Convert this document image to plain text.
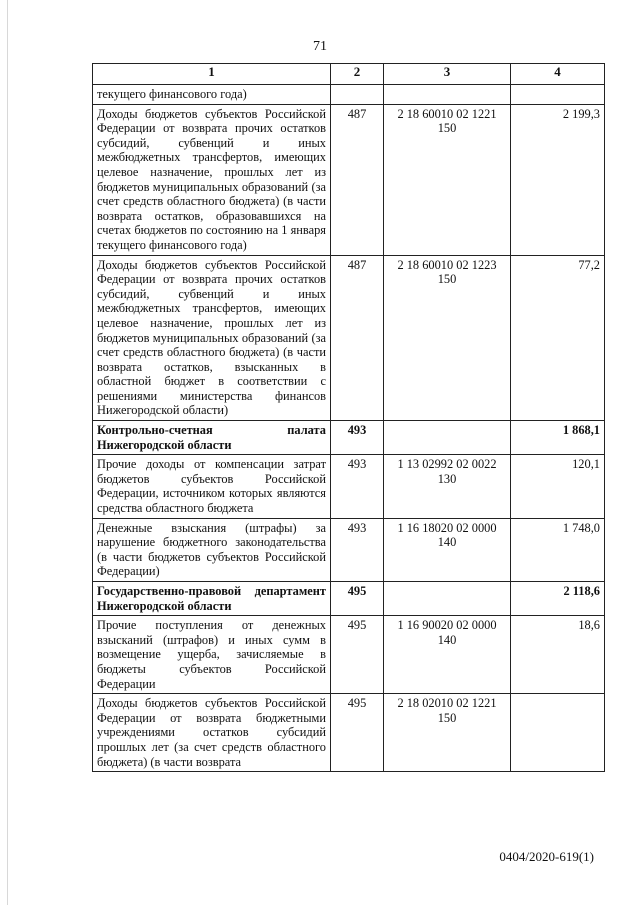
71
1	2	3	4
текущего финансового года)			
Доходы бюджетов субъектов Российской Федерации от возврата прочих остатков субсидий, субвенций и иных межбюджетных трансфертов, имеющих целевое назначение, прошлых лет из бюджетов муниципальных образований (за счет средств областного бюджета) (в части возврата остатков, образовавшихся на счетах бюджетов по состоянию на 1 января текущего финансового года)	487	2 18 60010 02 1221 150	2 199,3
Доходы бюджетов субъектов Российской Федерации от возврата прочих остатков субсидий, субвенций и иных межбюджетных трансфертов, имеющих целевое назначение, прошлых лет из бюджетов муниципальных образований (за счет средств областного бюджета) (в части возврата остатков, взысканных в областной бюджет в соответствии с решениями министерства финансов Нижегородской области)	487	2 18 60010 02 1223 150	77,2
Контрольно-счетная палата Нижегородской области	493		1 868,1
Прочие доходы от компенсации затрат бюджетов субъектов Российской Федерации, источником которых являются средства областного бюджета	493	1 13 02992 02 0022 130	120,1
Денежные взыскания (штрафы) за нарушение бюджетного законодательства (в части бюджетов субъектов Российской Федерации)	493	1 16 18020 02 0000 140	1 748,0
Государственно-правовой департамент Нижегородской области	495		2 118,6
Прочие поступления от денежных взысканий (штрафов) и иных сумм в возмещение ущерба, зачисляемые в бюджеты субъектов Российской Федерации	495	1 16 90020 02 0000 140	18,6
Доходы бюджетов субъектов Российской Федерации от возврата бюджетными учреждениями остатков субсидий прошлых лет (за счет средств областного бюджета) (в части возврата	495	2 18 02010 02 1221 150	
0404/2020-619(1)
